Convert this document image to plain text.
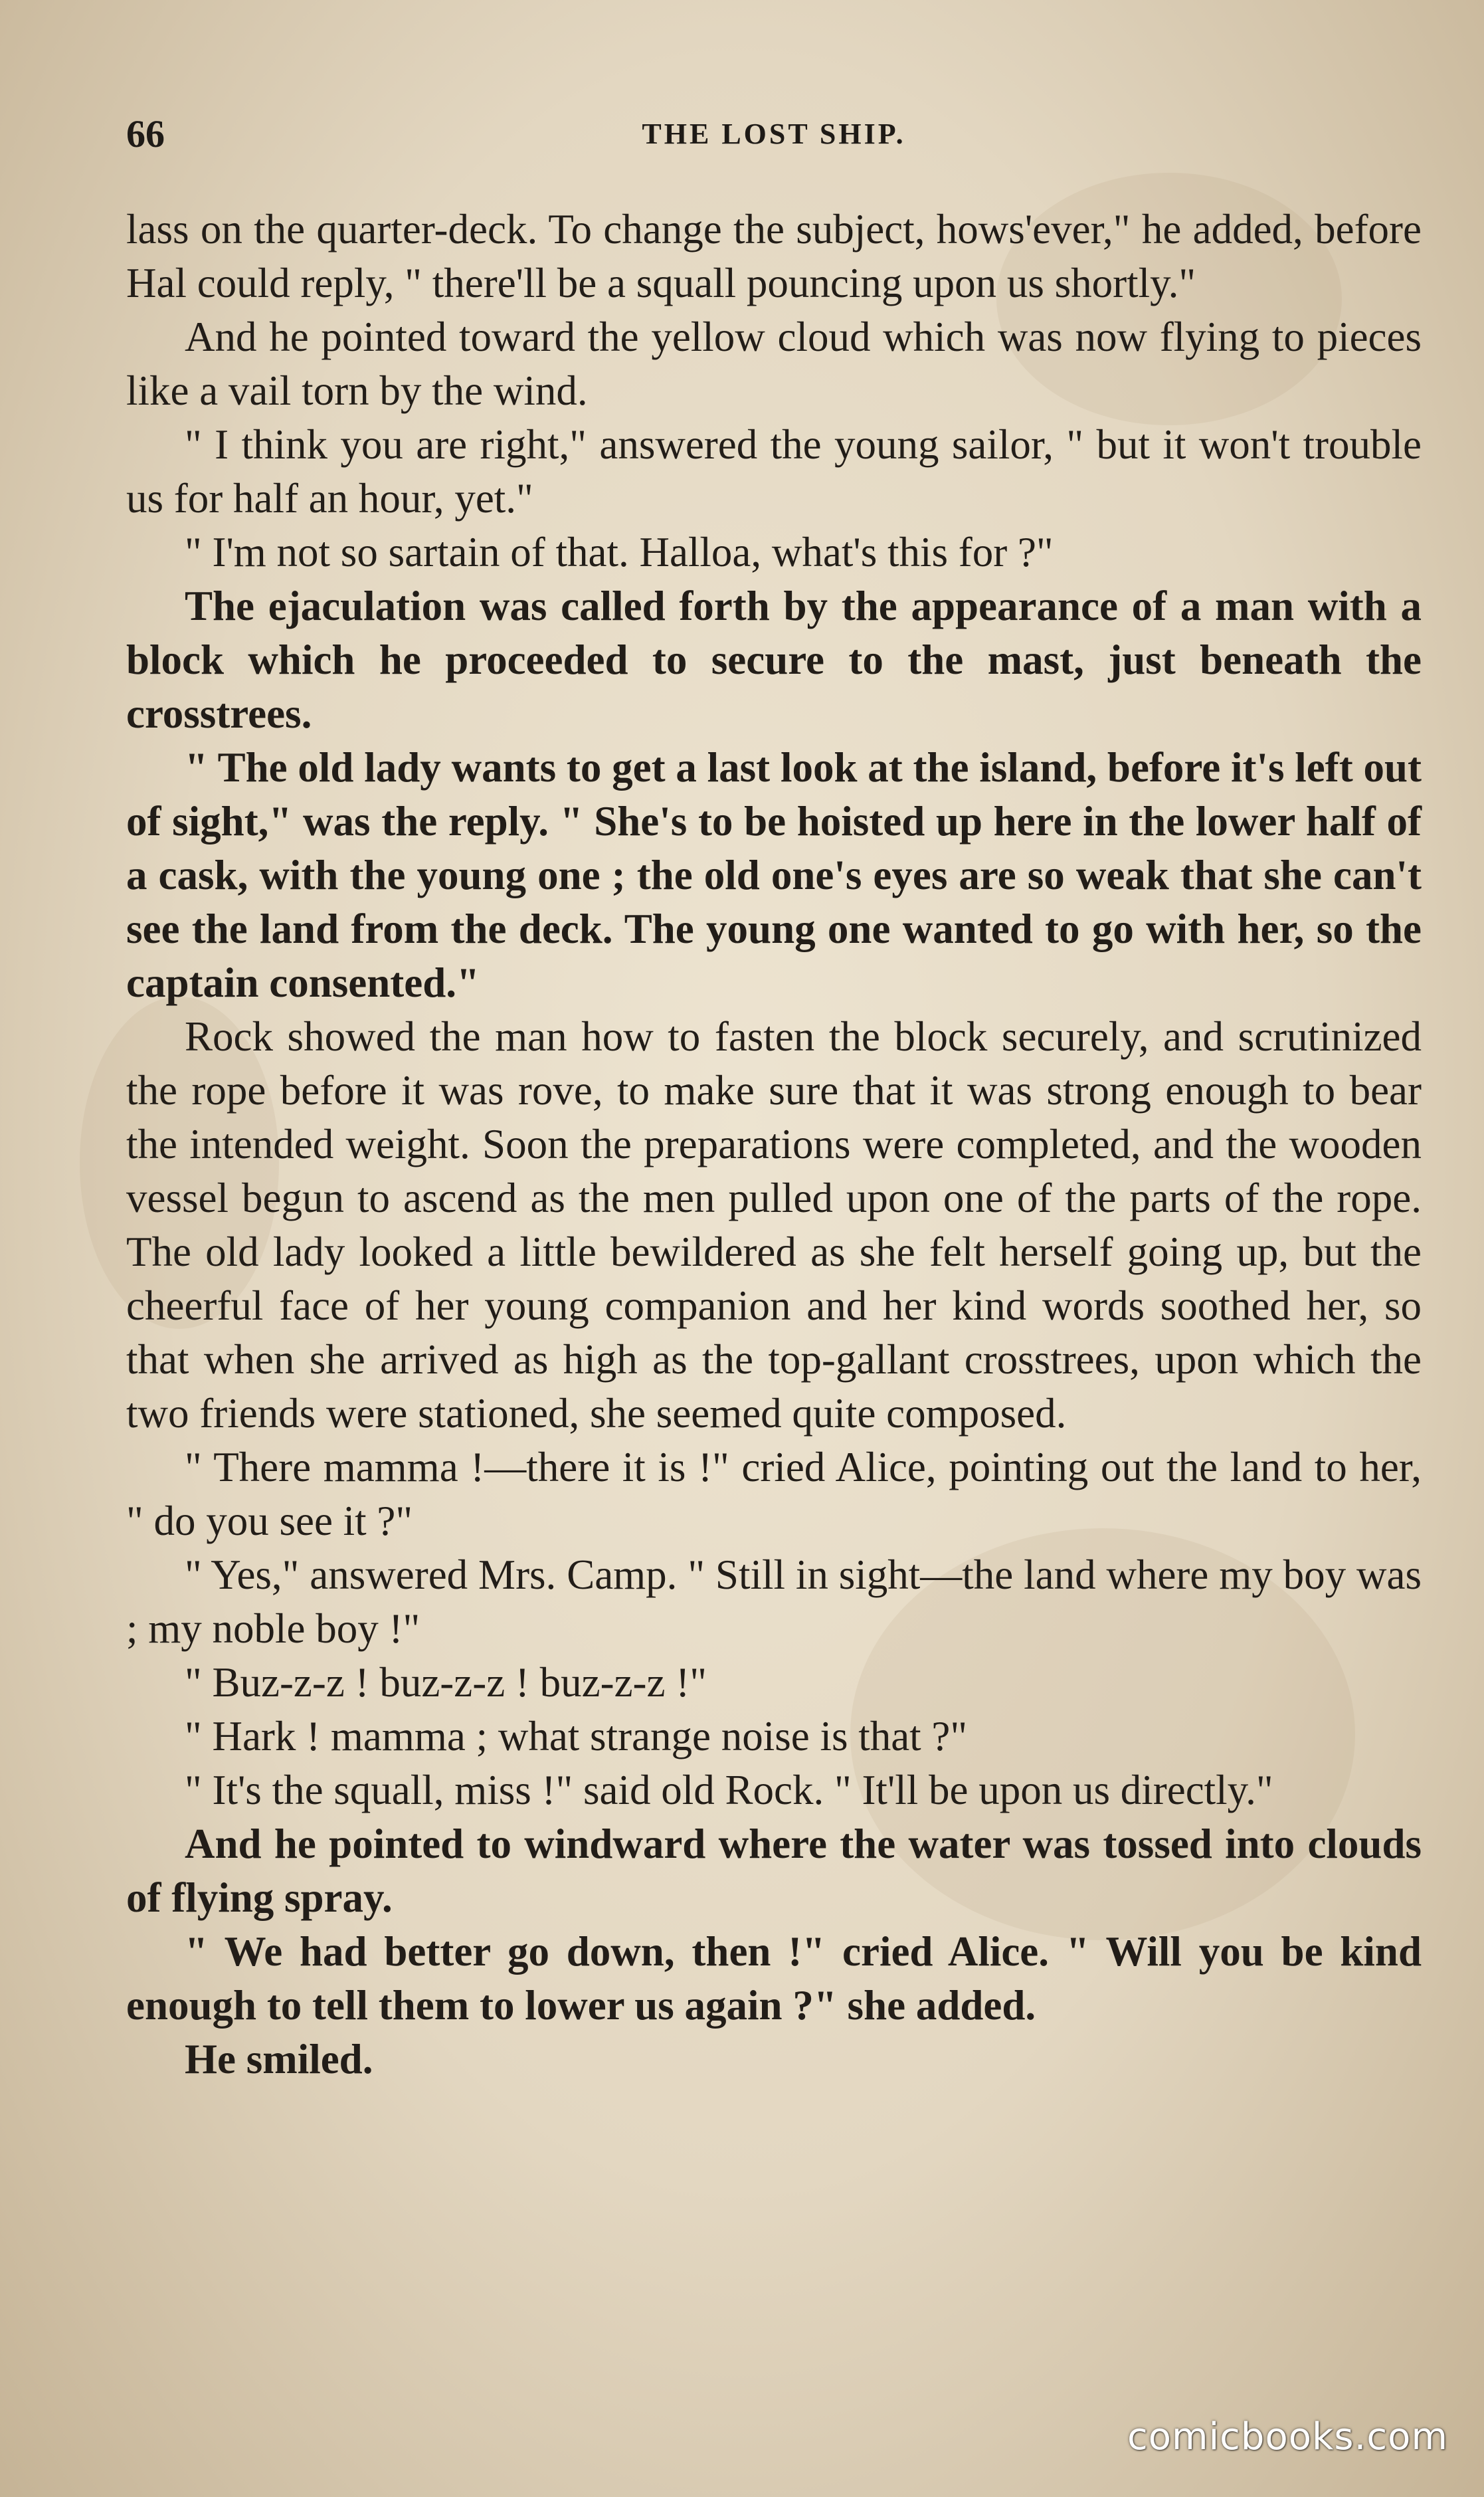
66	THE LOST SHIP.

lass on the quarter-deck. To change the subject, hows'ever," he added, before Hal could reply, " there'll be a squall pouncing upon us shortly."

And he pointed toward the yellow cloud which was now flying to pieces like a vail torn by the wind.

" I think you are right," answered the young sailor, " but it won't trouble us for half an hour, yet."

" I'm not so sartain of that. Halloa, what's this for ?"

The ejaculation was called forth by the appearance of a man with a block which he proceeded to secure to the mast, just beneath the crosstrees.

" The old lady wants to get a last look at the island, before it's left out of sight," was the reply. " She's to be hoisted up here in the lower half of a cask, with the young one ; the old one's eyes are so weak that she can't see the land from the deck. The young one wanted to go with her, so the captain consented."

Rock showed the man how to fasten the block securely, and scrutinized the rope before it was rove, to make sure that it was strong enough to bear the intended weight. Soon the preparations were completed, and the wooden vessel begun to ascend as the men pulled upon one of the parts of the rope. The old lady looked a little bewildered as she felt herself going up, but the cheerful face of her young companion and her kind words soothed her, so that when she arrived as high as the top-gallant crosstrees, upon which the two friends were stationed, she seemed quite composed.

" There mamma !—there it is !" cried Alice, pointing out the land to her, " do you see it ?"

" Yes," answered Mrs. Camp. " Still in sight—the land where my boy was ; my noble boy !"

" Buz-z-z ! buz-z-z ! buz-z-z !"

" Hark ! mamma ; what strange noise is that ?"

" It's the squall, miss !" said old Rock. " It'll be upon us directly."

And he pointed to windward where the water was tossed into clouds of flying spray.

" We had better go down, then !" cried Alice. " Will you be kind enough to tell them to lower us again ?" she added.

He smiled.

comicbooks.com
